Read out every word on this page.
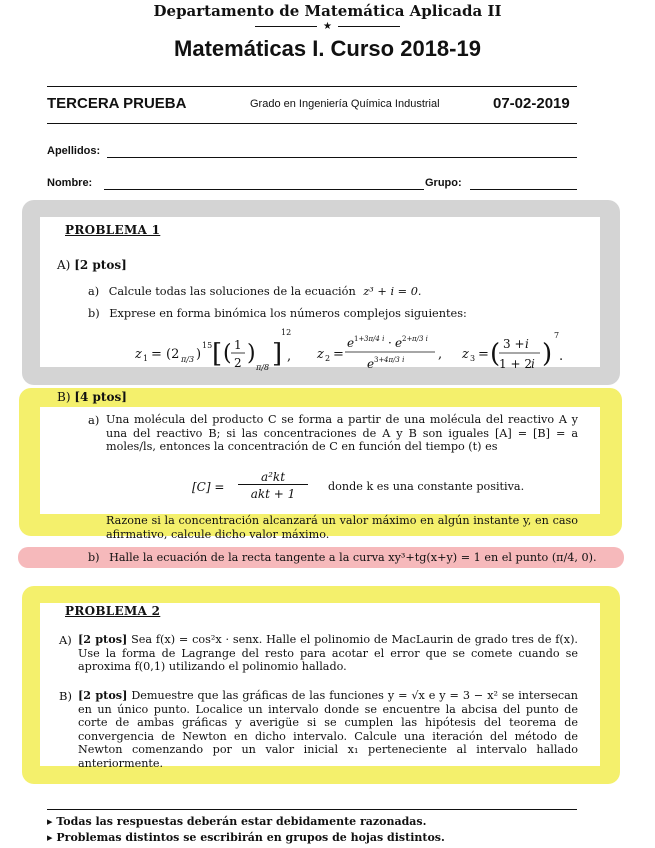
Departamento de Matemática Aplicada II
★
Matemáticas I. Curso 2018-19
TERCERA PRUEBA	Grado en Ingeniería Química Industrial	07-02-2019
Apellidos:
Nombre:	Grupo:
PROBLEMA 1
A) [2 ptos]
a) Calcule todas las soluciones de la ecuación z³ + i = 0.
b) Exprese en forma binómica los números complejos siguientes:
z 1 = (2 π/3 )
15 [ ( 1
2 )
π/8 ]
12
, z 2 =
e 1+ 3π/4 i · e 2+ π/3 i
e 3+ 4π/3 i	, z 3 = ( 3 + i
1 + 2 i )
7
.
B) [4 ptos]
a) Una molécula del producto C se forma a partir de una molécula del reactivo A y una del reactivo B; si las concentraciones de A y B son iguales [A] = [B] = a moles/ls, entonces la concentración de C en función del tiempo (t) es
[C] =
a²kt
akt + 1
donde k es una constante positiva.
Razone si la concentración alcanzará un valor máximo en algún instante y, en caso afirmativo, calcule dicho valor máximo.
b) Halle la ecuación de la recta tangente a la curva xy³+tg(x+y) = 1 en el punto (π/4, 0).
PROBLEMA 2
A) [2 ptos] Sea f(x) = cos²x · senx. Halle el polinomio de MacLaurin de grado tres de f(x). Use la forma de Lagrange del resto para acotar el error que se comete cuando se aproxima f(0,1) utilizando el polinomio hallado.
B) [2 ptos] Demuestre que las gráficas de las funciones y = √x e y = 3 − x² se intersecan en un único punto. Localice un intervalo donde se encuentre la abcisa del punto de corte de ambas gráficas y averigüe si se cumplen las hipótesis del teorema de convergencia de Newton en dicho intervalo. Calcule una iteración del método de Newton comenzando por un valor inicial x₁ perteneciente al intervalo hallado anteriormente.
▸ Todas las respuestas deberán estar debidamente razonadas.
▸ Problemas distintos se escribirán en grupos de hojas distintos.
